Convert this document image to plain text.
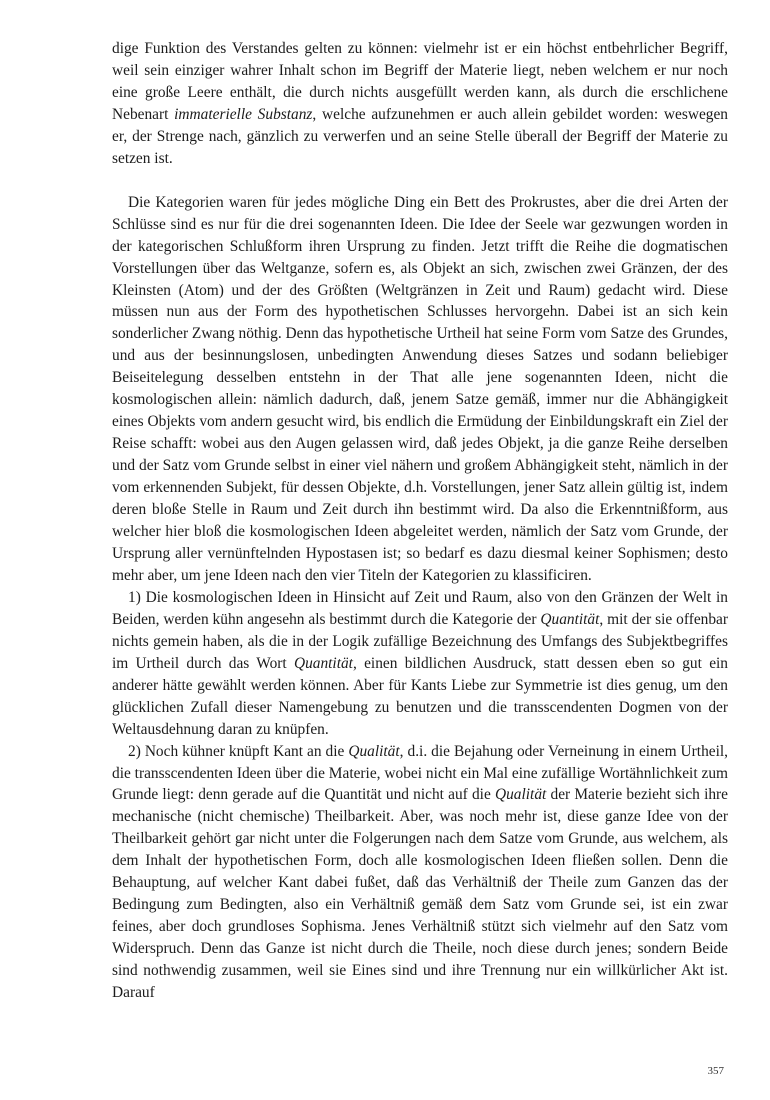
dige Funktion des Verstandes gelten zu können: vielmehr ist er ein höchst entbehrlicher Begriff, weil sein einziger wahrer Inhalt schon im Begriff der Materie liegt, neben welchem er nur noch eine große Leere enthält, die durch nichts ausgefüllt werden kann, als durch die erschlichene Nebenart immaterielle Substanz, welche aufzunehmen er auch allein gebildet worden: weswegen er, der Strenge nach, gänzlich zu verwerfen und an seine Stelle überall der Begriff der Materie zu setzen ist.

Die Kategorien waren für jedes mögliche Ding ein Bett des Prokrustes, aber die drei Arten der Schlüsse sind es nur für die drei sogenannten Ideen. Die Idee der Seele war gezwungen worden in der kategorischen Schlußform ihren Ursprung zu finden. Jetzt trifft die Reihe die dogmatischen Vorstellungen über das Weltganze, sofern es, als Objekt an sich, zwischen zwei Gränzen, der des Kleinsten (Atom) und der des Größten (Weltgränzen in Zeit und Raum) gedacht wird. Diese müssen nun aus der Form des hypothetischen Schlusses hervorgehn. Dabei ist an sich kein sonderlicher Zwang nöthig. Denn das hypothetische Urtheil hat seine Form vom Satze des Grundes, und aus der besinnungslosen, unbedingten Anwendung dieses Satzes und sodann beliebiger Beiseitelegung desselben entstehn in der That alle jene sogenannten Ideen, nicht die kosmologischen allein: nämlich dadurch, daß, jenem Satze gemäß, immer nur die Abhängigkeit eines Objekts vom andern gesucht wird, bis endlich die Ermüdung der Einbildungskraft ein Ziel der Reise schafft: wobei aus den Augen gelassen wird, daß jedes Objekt, ja die ganze Reihe derselben und der Satz vom Grunde selbst in einer viel nähern und großem Abhängigkeit steht, nämlich in der vom erkennenden Subjekt, für dessen Objekte, d.h. Vorstellungen, jener Satz allein gültig ist, indem deren bloße Stelle in Raum und Zeit durch ihn bestimmt wird. Da also die Erkenntnißform, aus welcher hier bloß die kosmologischen Ideen abgeleitet werden, nämlich der Satz vom Grunde, der Ursprung aller vernünftelnden Hypostasen ist; so bedarf es dazu diesmal keiner Sophismen; desto mehr aber, um jene Ideen nach den vier Titeln der Kategorien zu klassificiren.

1) Die kosmologischen Ideen in Hinsicht auf Zeit und Raum, also von den Gränzen der Welt in Beiden, werden kühn angesehn als bestimmt durch die Kategorie der Quantität, mit der sie offenbar nichts gemein haben, als die in der Logik zufällige Bezeichnung des Umfangs des Subjektbegriffes im Urtheil durch das Wort Quantität, einen bildlichen Ausdruck, statt dessen eben so gut ein anderer hätte gewählt werden können. Aber für Kants Liebe zur Symmetrie ist dies genug, um den glücklichen Zufall dieser Namengebung zu benutzen und die transscendenten Dogmen von der Weltausdehnung daran zu knüpfen.

2) Noch kühner knüpft Kant an die Qualität, d.i. die Bejahung oder Verneinung in einem Urtheil, die transscendenten Ideen über die Materie, wobei nicht ein Mal eine zufällige Wortähnlichkeit zum Grunde liegt: denn gerade auf die Quantität und nicht auf die Qualität der Materie bezieht sich ihre mechanische (nicht chemische) Theilbarkeit. Aber, was noch mehr ist, diese ganze Idee von der Theilbarkeit gehört gar nicht unter die Folgerungen nach dem Satze vom Grunde, aus welchem, als dem Inhalt der hypothetischen Form, doch alle kosmologischen Ideen fließen sollen. Denn die Behauptung, auf welcher Kant dabei fußet, daß das Verhältniß der Theile zum Ganzen das der Bedingung zum Bedingten, also ein Verhältniß gemäß dem Satz vom Grunde sei, ist ein zwar feines, aber doch grundloses Sophisma. Jenes Verhältniß stützt sich vielmehr auf den Satz vom Widerspruch. Denn das Ganze ist nicht durch die Theile, noch diese durch jenes; sondern Beide sind nothwendig zusammen, weil sie Eines sind und ihre Trennung nur ein willkürlicher Akt ist. Darauf

357
